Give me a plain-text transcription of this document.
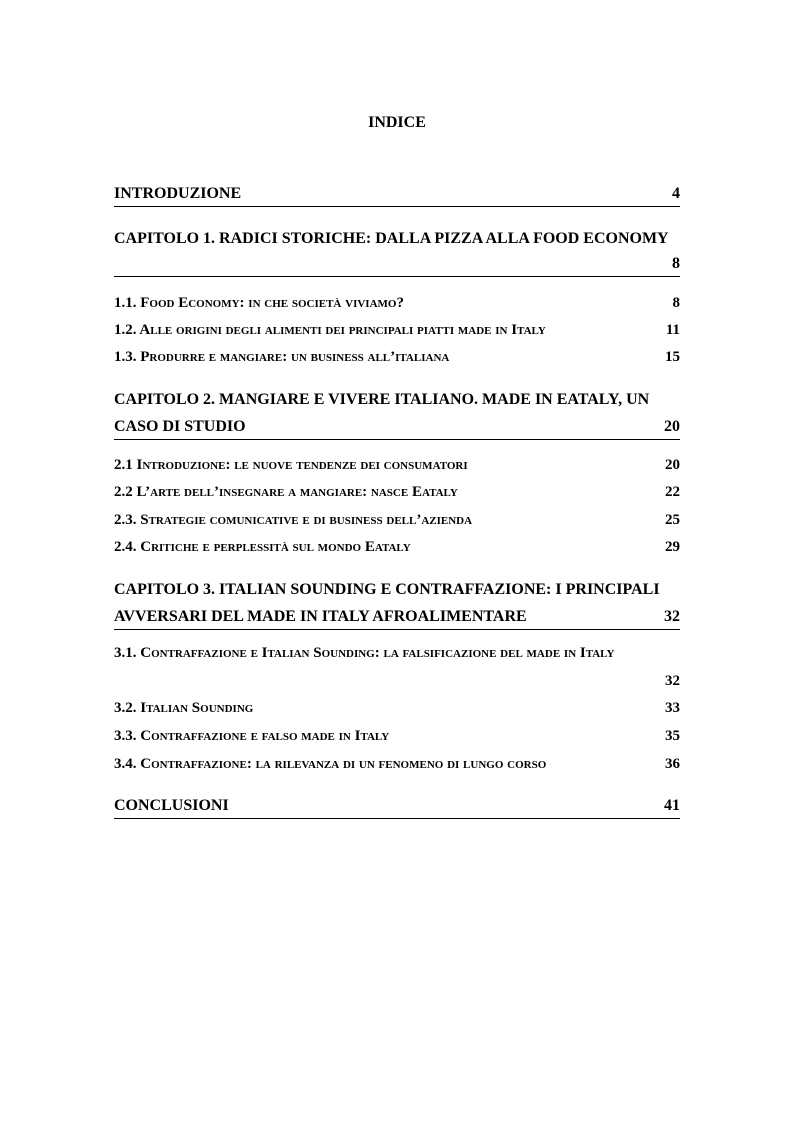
INDICE
INTRODUZIONE	4
CAPITOLO 1. RADICI STORICHE: DALLA PIZZA ALLA FOOD ECONOMY
8
1.1. Food Economy: in che società viviamo?	8
1.2. Alle origini degli alimenti dei principali piatti made in Italy	11
1.3. Produrre e mangiare: un business all’italiana	15
CAPITOLO 2. MANGIARE E VIVERE ITALIANO. MADE IN EATALY, UN
CASO DI STUDIO	20
2.1 Introduzione: le nuove tendenze dei consumatori	20
2.2 L’arte dell’insegnare a mangiare: nasce Eataly	22
2.3. Strategie comunicative e di business dell’azienda	25
2.4. Critiche e perplessità sul mondo Eataly	29
CAPITOLO 3. ITALIAN SOUNDING E CONTRAFFAZIONE: I PRINCIPALI
AVVERSARI DEL MADE IN ITALY AFROALIMENTARE	32
3.1. Contraffazione e Italian Sounding: la falsificazione del made in Italy
32
3.2. Italian Sounding	33
3.3. Contraffazione e falso made in Italy	35
3.4. Contraffazione: la rilevanza di un fenomeno di lungo corso	36
CONCLUSIONI	41
